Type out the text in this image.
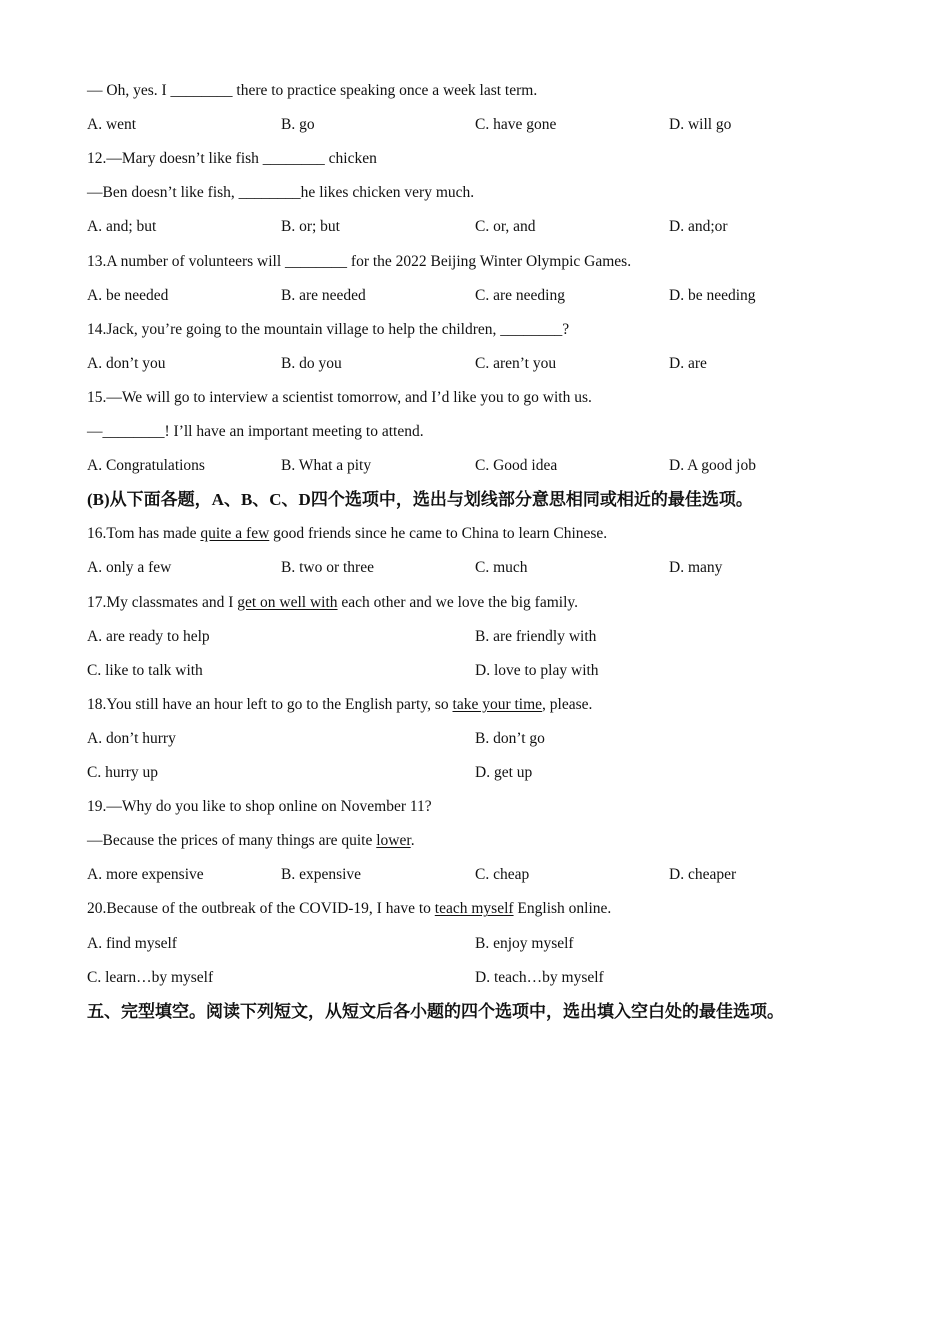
— Oh, yes. I ________ there to practice speaking once a week last term.
A. went	B. go	C. have gone	D. will go
12.—Mary doesn’t like fish ________ chicken
—Ben doesn’t like fish, ________he likes chicken very much.
A. and; but	B. or; but	C. or, and	D. and;or
13.A number of volunteers will ________ for the 2022 Beijing Winter Olympic Games.
A. be needed	B. are needed	C. are needing	D. be needing
14.Jack, you’re going to the mountain village to help the children, ________?
A. don’t you	B. do you	C. aren’t you	D. are
15.—We will go to interview a scientist tomorrow, and I’d like you to go with us.
—________! I’ll have an important meeting to attend.
A. Congratulations	B. What a pity	C. Good idea	D. A good job
(B)从下面各题，A、B、C、D四个选项中，选出与划线部分意思相同或相近的最佳选项。
16.Tom has made quite a few good friends since he came to China to learn Chinese.
A. only a few	B. two or three	C. much	D. many
17.My classmates and I get on well with each other and we love the big family.
A. are ready to help	B. are friendly with
C. like to talk with	D. love to play with
18.You still have an hour left to go to the English party, so take your time, please.
A. don’t hurry	B. don’t go
C. hurry up	D. get up
19.—Why do you like to shop online on November 11?
—Because the prices of many things are quite lower.
A. more expensive	B. expensive	C. cheap	D. cheaper
20.Because of the outbreak of the COVID-19, I have to teach myself English online.
A. find myself	B. enjoy myself
C. learn…by myself	D. teach…by myself
五、完型填空。阅读下列短文，从短文后各小题的四个选项中，选出填入空白处的最佳选项。
